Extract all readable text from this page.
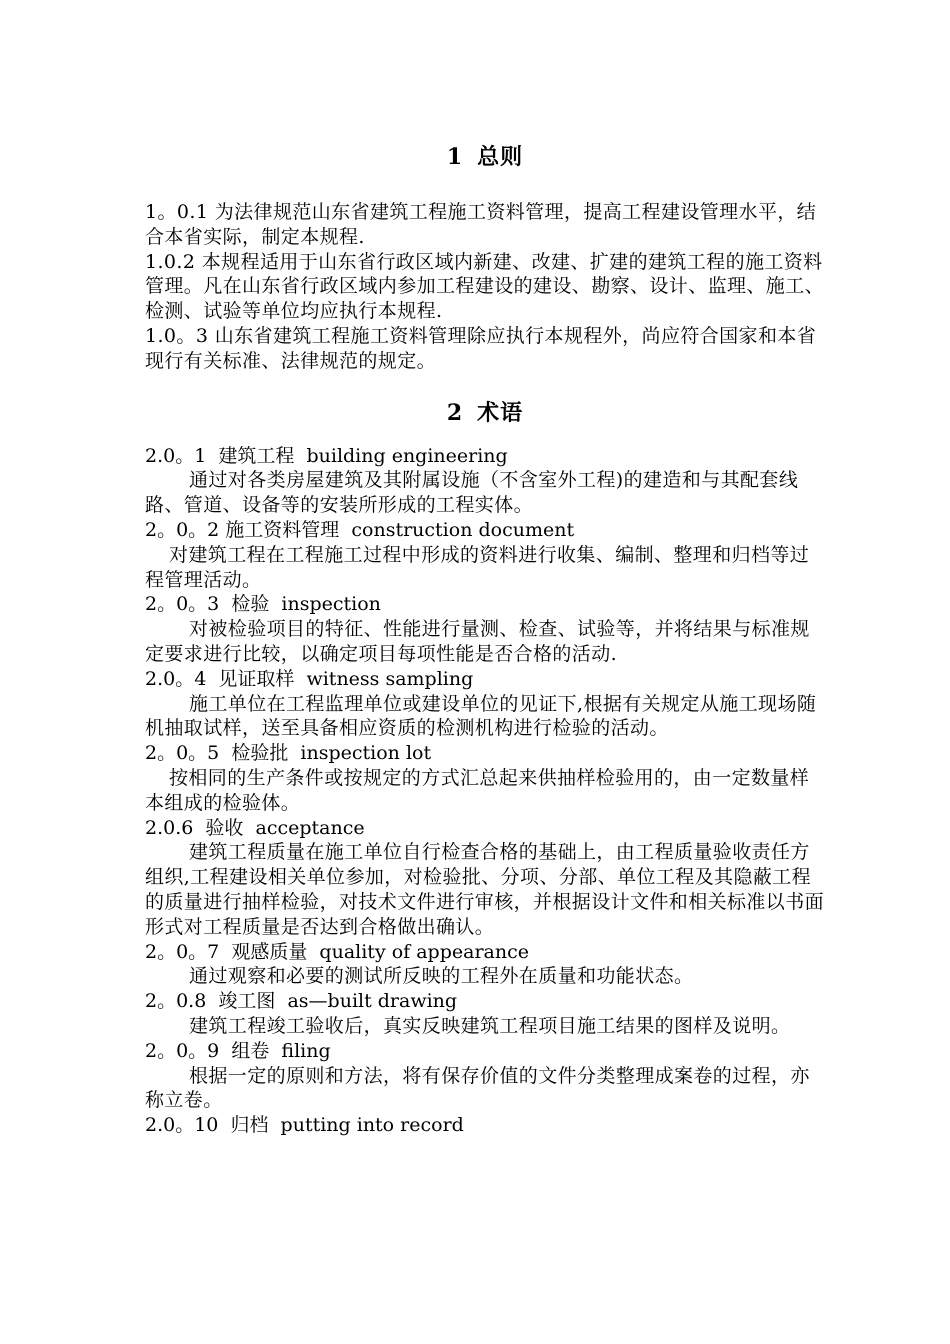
1 总则

1。0.1 为法律规范山东省建筑工程施工资料管理，提高工程建设管理水平，结合本省实际，制定本规程.

1.0.2 本规程适用于山东省行政区域内新建、改建、扩建的建筑工程的施工资料管理。凡在山东省行政区域内参加工程建设的建设、勘察、设计、监理、施工、检测、试验等单位均应执行本规程.

1.0。3 山东省建筑工程施工资料管理除应执行本规程外，尚应符合国家和本省现行有关标准、法律规范的规定。

2 术语

2.0。1  建筑工程  building engineering

通过对各类房屋建筑及其附属设施（不含室外工程)的建造和与其配套线路、管道、设备等的安装所形成的工程实体。

2。0。2 施工资料管理  construction document

对建筑工程在工程施工过程中形成的资料进行收集、编制、整理和归档等过程管理活动。

2。0。3  检验  inspection

对被检验项目的特征、性能进行量测、检查、试验等，并将结果与标准规定要求进行比较，以确定项目每项性能是否合格的活动.

2.0。4  见证取样  witness sampling

施工单位在工程监理单位或建设单位的见证下,根据有关规定从施工现场随机抽取试样，送至具备相应资质的检测机构进行检验的活动。

2。0。5  检验批  inspection lot

按相同的生产条件或按规定的方式汇总起来供抽样检验用的，由一定数量样本组成的检验体。

2.0.6  验收  acceptance

建筑工程质量在施工单位自行检查合格的基础上，由工程质量验收责任方组织,工程建设相关单位参加，对检验批、分项、分部、单位工程及其隐蔽工程的质量进行抽样检验，对技术文件进行审核，并根据设计文件和相关标准以书面形式对工程质量是否达到合格做出确认。

2。0。7  观感质量  quality of appearance

通过观察和必要的测试所反映的工程外在质量和功能状态。

2。0.8  竣工图  as—built drawing

建筑工程竣工验收后，真实反映建筑工程项目施工结果的图样及说明。

2。0。9  组卷  filing

根据一定的原则和方法，将有保存价值的文件分类整理成案卷的过程，亦称立卷。

2.0。10  归档  putting into record
